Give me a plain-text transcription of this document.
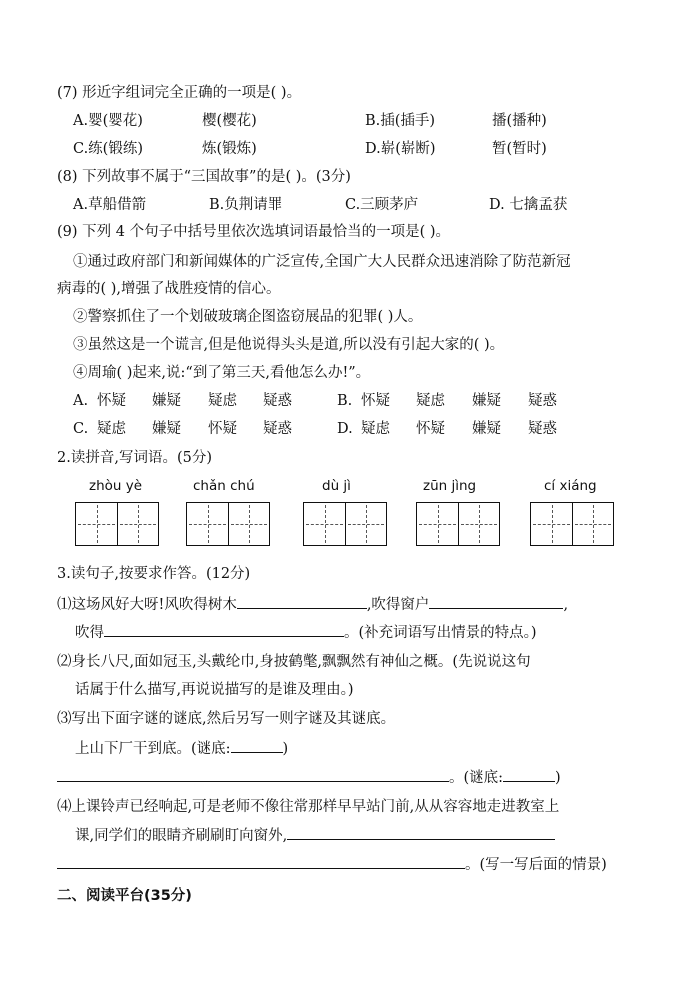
(7) 形近字组词完全正确的一项是( )。
A.婴(婴花)	樱(樱花)	B.插(插手)	播(播种)
C.练(锻练)	炼(锻炼)	D.崭(崭断)	暂(暂时)
(8) 下列故事不属于“三国故事”的是( )。(3分)
A.草船借箭	B.负荆请罪	C.三顾茅庐	D. 七擒孟获
(9) 下列 4 个句子中括号里依次选填词语最恰当的一项是( )。
①通过政府部门和新闻媒体的广泛宣传,全国广大人民群众迅速消除了防范新冠
病毒的( ),增强了战胜疫情的信心。
②警察抓住了一个划破玻璃企图盗窃展品的犯罪( )人。
③虽然这是一个谎言,但是他说得头头是道,所以没有引起大家的( )。
④周瑜( )起来,说:“到了第三天,看他怎么办!”。
A. 怀疑 嫌疑 疑虑 疑惑	B. 怀疑 疑虑 嫌疑 疑惑
C. 疑虑 嫌疑 怀疑 疑惑	D. 疑虑 怀疑 嫌疑 疑惑
2.读拼音,写词语。(5分)
zhòu yè	chǎn chú	dù jì	zūn jìng	cí xiáng
3.读句子,按要求作答。(12分)
⑴这场风好大呀!风吹得树木	,吹得窗户	,
吹得	。(补充词语写出情景的特点。)
⑵身长八尺,面如冠玉,头戴纶巾,身披鹤氅,飘飘然有神仙之概。(先说说这句
话属于什么描写,再说说描写的是谁及理由。)
⑶写出下面字谜的谜底,然后另写一则字谜及其谜底。
上山下厂干到底。(谜底:	)
。(谜底:	)
⑷上课铃声已经响起,可是老师不像往常那样早早站门前,从从容容地走进教室上
课,同学们的眼睛齐刷刷盯向窗外,
。(写一写后面的情景)
二、阅读平台(35分)
